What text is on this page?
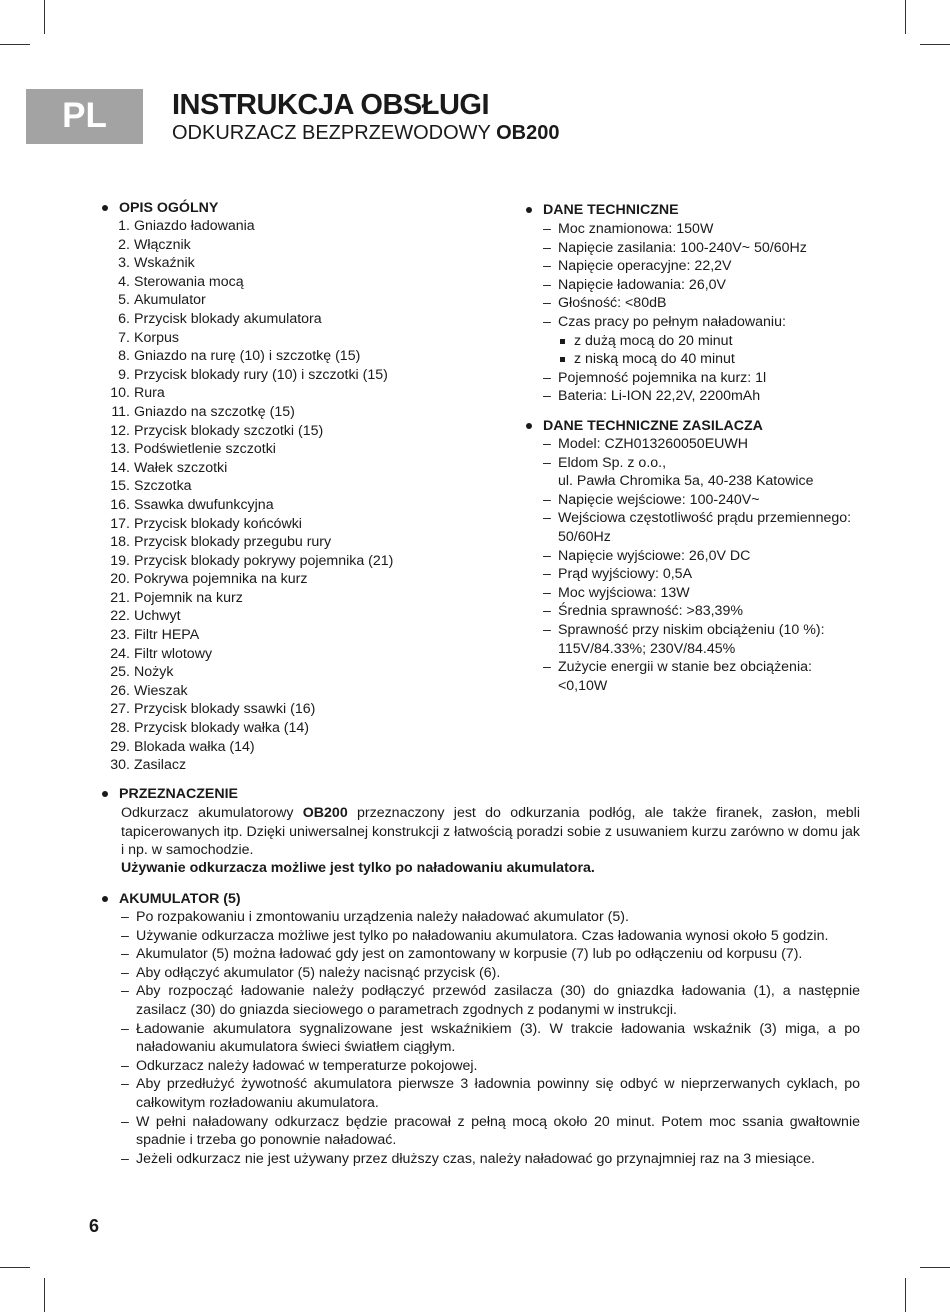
PL	INSTRUKCJA OBSŁUGI
ODKURZACZ BEZPRZEWODOWY OB200
OPIS OGÓLNY
1. Gniazdo ładowania
2. Włącznik
3. Wskaźnik
4. Sterowania mocą
5. Akumulator
6. Przycisk blokady akumulatora
7. Korpus
8. Gniazdo na rurę (10) i szczotkę (15)
9. Przycisk blokady rury (10) i szczotki (15)
10. Rura
11. Gniazdo na szczotkę (15)
12. Przycisk blokady szczotki (15)
13. Podświetlenie szczotki
14. Wałek szczotki
15. Szczotka
16. Ssawka dwufunkcyjna
17. Przycisk blokady końcówki
18. Przycisk blokady przegubu rury
19. Przycisk blokady pokrywy pojemnika (21)
20. Pokrywa pojemnika na kurz
21. Pojemnik na kurz
22. Uchwyt
23. Filtr HEPA
24. Filtr wlotowy
25. Nożyk
26. Wieszak
27. Przycisk blokady ssawki (16)
28. Przycisk blokady wałka (14)
29. Blokada wałka (14)
30. Zasilacz
DANE TECHNICZNE
– Moc znamionowa: 150W
– Napięcie zasilania: 100-240V~ 50/60Hz
– Napięcie operacyjne: 22,2V
– Napięcie ładowania: 26,0V
– Głośność: <80dB
– Czas pracy po pełnym naładowaniu:
z dużą mocą do 20 minut
z niską mocą do 40 minut
– Pojemność pojemnika na kurz: 1l
– Bateria: Li-ION 22,2V, 2200mAh
DANE TECHNICZNE ZASILACZA
– Model: CZH013260050EUWH
– Eldom Sp. z o.o.,
ul. Pawła Chromika 5a, 40-238 Katowice
– Napięcie wejściowe: 100-240V~
– Wejściowa częstotliwość prądu przemiennego: 50/60Hz
– Napięcie wyjściowe: 26,0V DC
– Prąd wyjściowy: 0,5A
– Moc wyjściowa: 13W
– Średnia sprawność: >83,39%
– Sprawność przy niskim obciążeniu (10 %): 115V/84.33%; 230V/84.45%
– Zużycie energii w stanie bez obciążenia: <0,10W
PRZEZNACZENIE
Odkurzacz akumulatorowy OB200 przeznaczony jest do odkurzania podłóg, ale także firanek, zasłon, mebli tapicerowanych itp. Dzięki uniwersalnej konstrukcji z łatwością poradzi sobie z usuwaniem kurzu zarówno w domu jak i np. w samochodzie.
Używanie odkurzacza możliwe jest tylko po naładowaniu akumulatora.
AKUMULATOR (5)
– Po rozpakowaniu i zmontowaniu urządzenia należy naładować akumulator (5).
– Używanie odkurzacza możliwe jest tylko po naładowaniu akumulatora. Czas ładowania wynosi około 5 godzin.
– Akumulator (5) można ładować gdy jest on zamontowany w korpusie (7) lub po odłączeniu od korpusu (7).
– Aby odłączyć akumulator (5) należy nacisnąć przycisk (6).
– Aby rozpocząć ładowanie należy podłączyć przewód zasilacza (30) do gniazdka ładowania (1), a następnie zasilacz (30) do gniazda sieciowego o parametrach zgodnych z podanymi w instrukcji.
– Ładowanie akumulatora sygnalizowane jest wskaźnikiem (3). W trakcie ładowania wskaźnik (3) miga, a po naładowaniu akumulatora świeci światłem ciągłym.
– Odkurzacz należy ładować w temperaturze pokojowej.
– Aby przedłużyć żywotność akumulatora pierwsze 3 ładownia powinny się odbyć w nieprzerwanych cyklach, po całkowitym rozładowaniu akumulatora.
– W pełni naładowany odkurzacz będzie pracował z pełną mocą około 20 minut. Potem moc ssania gwałtownie spadnie i trzeba go ponownie naładować.
– Jeżeli odkurzacz nie jest używany przez dłuższy czas, należy naładować go przynajmniej raz na 3 miesiące.
6
